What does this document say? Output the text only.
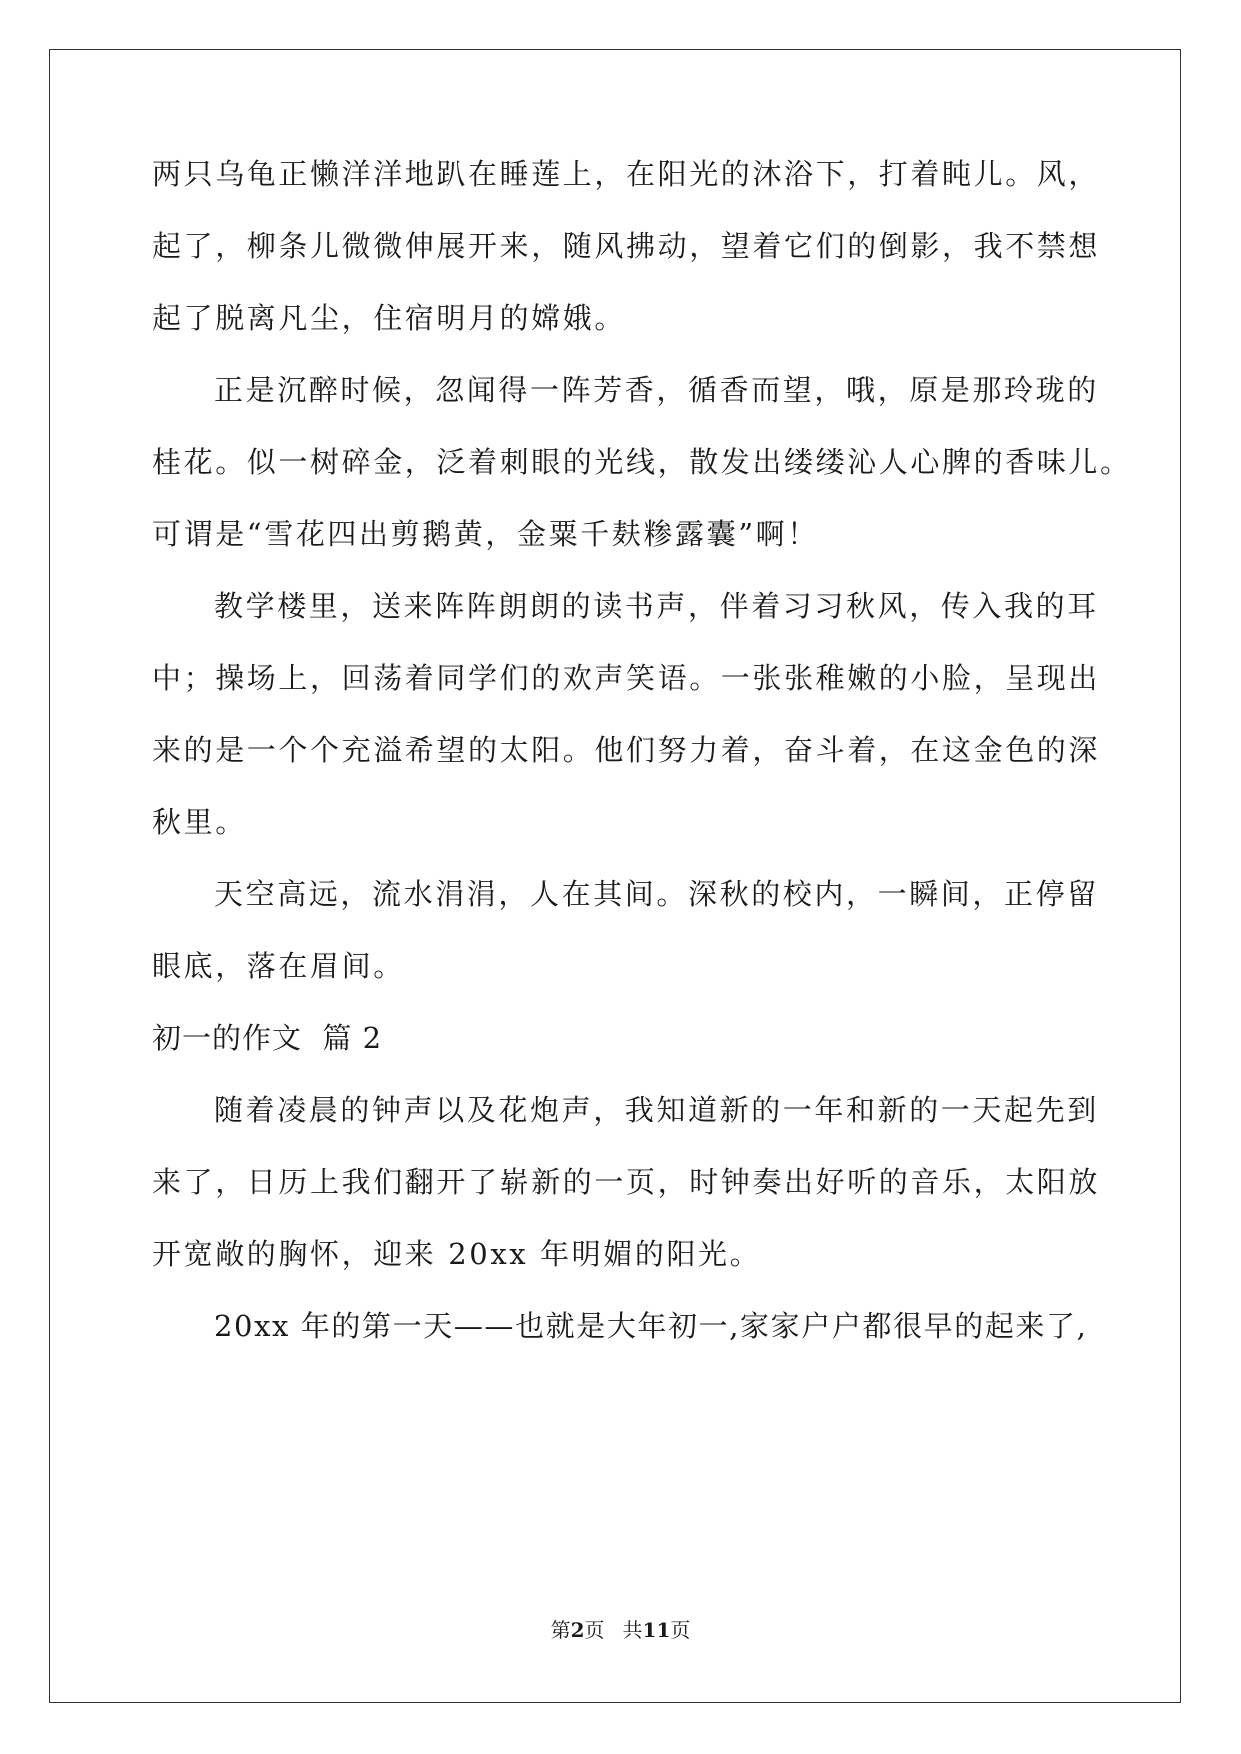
两只乌龟正懒洋洋地趴在睡莲上，在阳光的沐浴下，打着盹儿。风，
起了，柳条儿微微伸展开来，随风拂动，望着它们的倒影，我不禁想
起了脱离凡尘，住宿明月的嫦娥。
正是沉醉时候，忽闻得一阵芳香，循香而望，哦，原是那玲珑的
桂花。似一树碎金，泛着刺眼的光线，散发出缕缕沁人心脾的香味儿。
可谓是“雪花四出剪鹅黄，金粟千麸糁露囊”啊！
教学楼里，送来阵阵朗朗的读书声，伴着习习秋风，传入我的耳
中；操场上，回荡着同学们的欢声笑语。一张张稚嫩的小脸，呈现出
来的是一个个充溢希望的太阳。他们努力着，奋斗着，在这金色的深
秋里。
天空高远，流水涓涓，人在其间。深秋的校内，一瞬间，正停留
眼底，落在眉间。
初一的作文  篇 2
随着凌晨的钟声以及花炮声，我知道新的一年和新的一天起先到
来了，日历上我们翻开了崭新的一页，时钟奏出好听的音乐，太阳放
开宽敞的胸怀，迎来 20xx 年明媚的阳光。
20xx 年的第一天——也就是大年初一,家家户户都很早的起来了,
第2页 共11页
